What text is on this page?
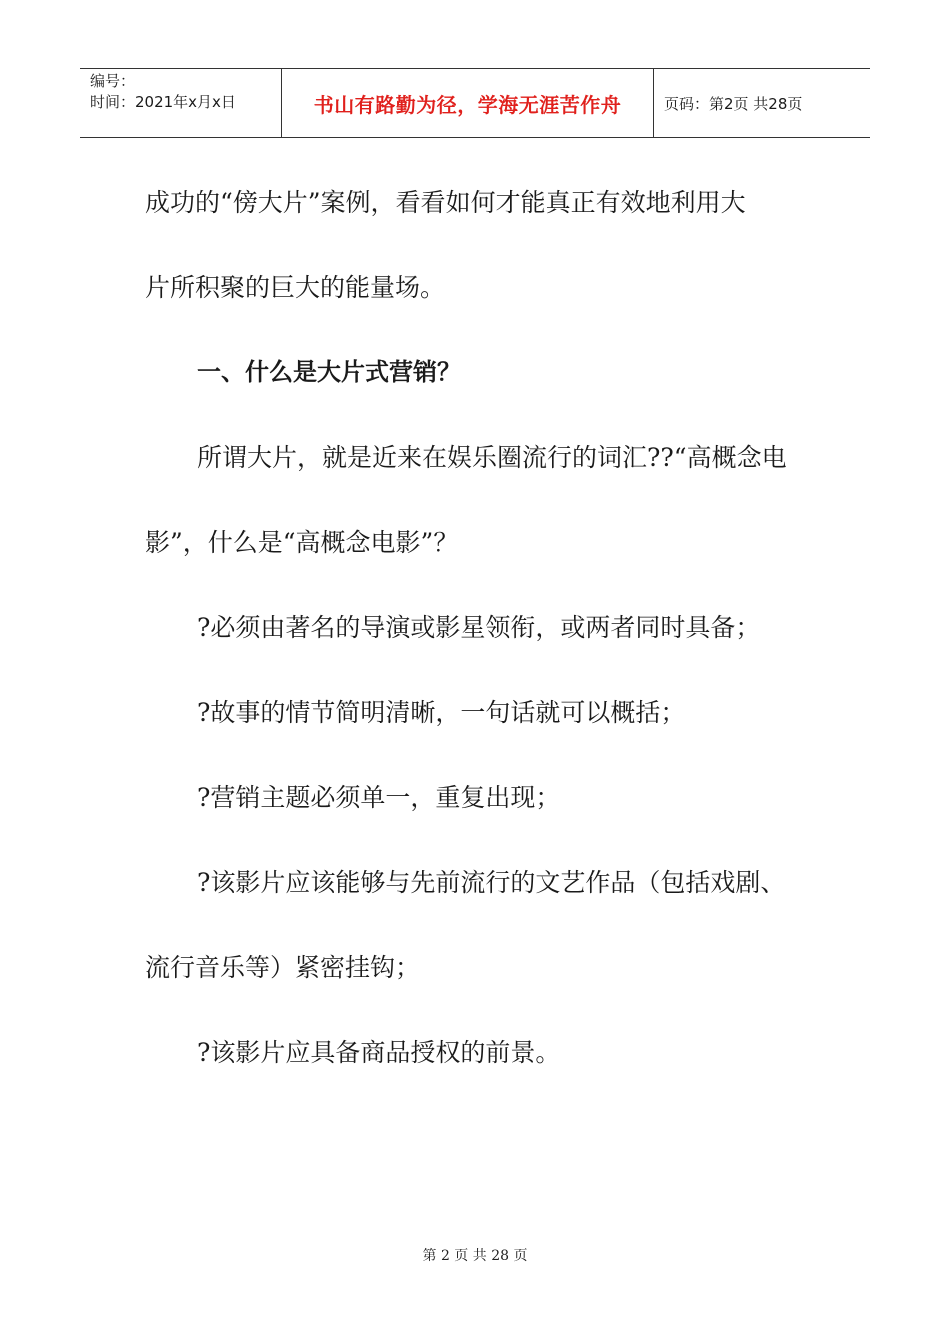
编号：
时间：2021年x月x日	书山有路勤为径，学海无涯苦作舟	页码：第2页 共28页

成功的“傍大片”案例，看看如何才能真正有效地利用大

片所积聚的巨大的能量场。

一、什么是大片式营销？

所谓大片，就是近来在娱乐圈流行的词汇??“高概念电

影”，什么是“高概念电影”？

?必须由著名的导演或影星领衔，或两者同时具备；

?故事的情节简明清晰，一句话就可以概括；

?营销主题必须单一，重复出现；

?该影片应该能够与先前流行的文艺作品（包括戏剧、

流行音乐等）紧密挂钩；

?该影片应具备商品授权的前景。

第 2 页 共 28 页
